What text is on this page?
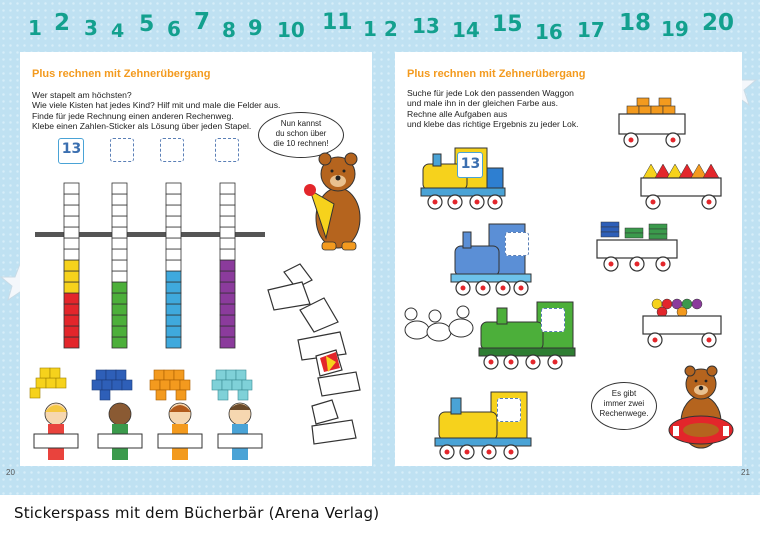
1 2 3 4 5 6 7 8 9 10 11 1 2 13 14 15 16 17 18 19 20
Plus rechnen mit Zehnerübergang
Wer stapelt am höchsten?
Wie viele Kisten hat jedes Kind? Hilf mit und male die Felder aus.
Finde für jede Rechnung einen anderen Rechenweg.
Klebe einen Zahlen-Sticker als Lösung über jeden Stapel.
13
Nun kannst
du schon über
die 10 rechnen!
20
Plus rechnen mit Zehnerübergang
Suche für jede Lok den passenden Waggon
und male ihn in der gleichen Farbe aus.
Rechne alle Aufgaben aus
und klebe das richtige Ergebnis zu jeder Lok.
13
Es gibt
immer zwei
Rechenwege.
21
Stickerspass mit dem Bücherbär (Arena Verlag)
